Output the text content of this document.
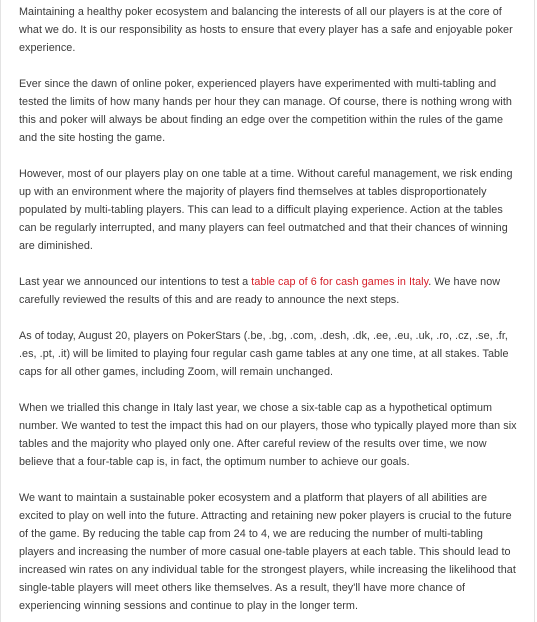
Maintaining a healthy poker ecosystem and balancing the interests of all our players is at the core of what we do. It is our responsibility as hosts to ensure that every player has a safe and enjoyable poker experience.

Ever since the dawn of online poker, experienced players have experimented with multi-tabling and tested the limits of how many hands per hour they can manage. Of course, there is nothing wrong with this and poker will always be about finding an edge over the competition within the rules of the game and the site hosting the game.

However, most of our players play on one table at a time. Without careful management, we risk ending up with an environment where the majority of players find themselves at tables disproportionately populated by multi-tabling players. This can lead to a difficult playing experience. Action at the tables can be regularly interrupted, and many players can feel outmatched and that their chances of winning are diminished.

Last year we announced our intentions to test a table cap of 6 for cash games in Italy. We have now carefully reviewed the results of this and are ready to announce the next steps.

As of today, August 20, players on PokerStars (.be, .bg, .com, .desh, .dk, .ee, .eu, .uk, .ro, .cz, .se, .fr, .es, .pt, .it) will be limited to playing four regular cash game tables at any one time, at all stakes. Table caps for all other games, including Zoom, will remain unchanged.

When we trialled this change in Italy last year, we chose a six-table cap as a hypothetical optimum number. We wanted to test the impact this had on our players, those who typically played more than six tables and the majority who played only one. After careful review of the results over time, we now believe that a four-table cap is, in fact, the optimum number to achieve our goals.

We want to maintain a sustainable poker ecosystem and a platform that players of all abilities are excited to play on well into the future. Attracting and retaining new poker players is crucial to the future of the game. By reducing the table cap from 24 to 4, we are reducing the number of multi-tabling players and increasing the number of more casual one-table players at each table. This should lead to increased win rates on any individual table for the strongest players, while increasing the likelihood that single-table players will meet others like themselves. As a result, they'll have more chance of experiencing winning sessions and continue to play in the longer term.
